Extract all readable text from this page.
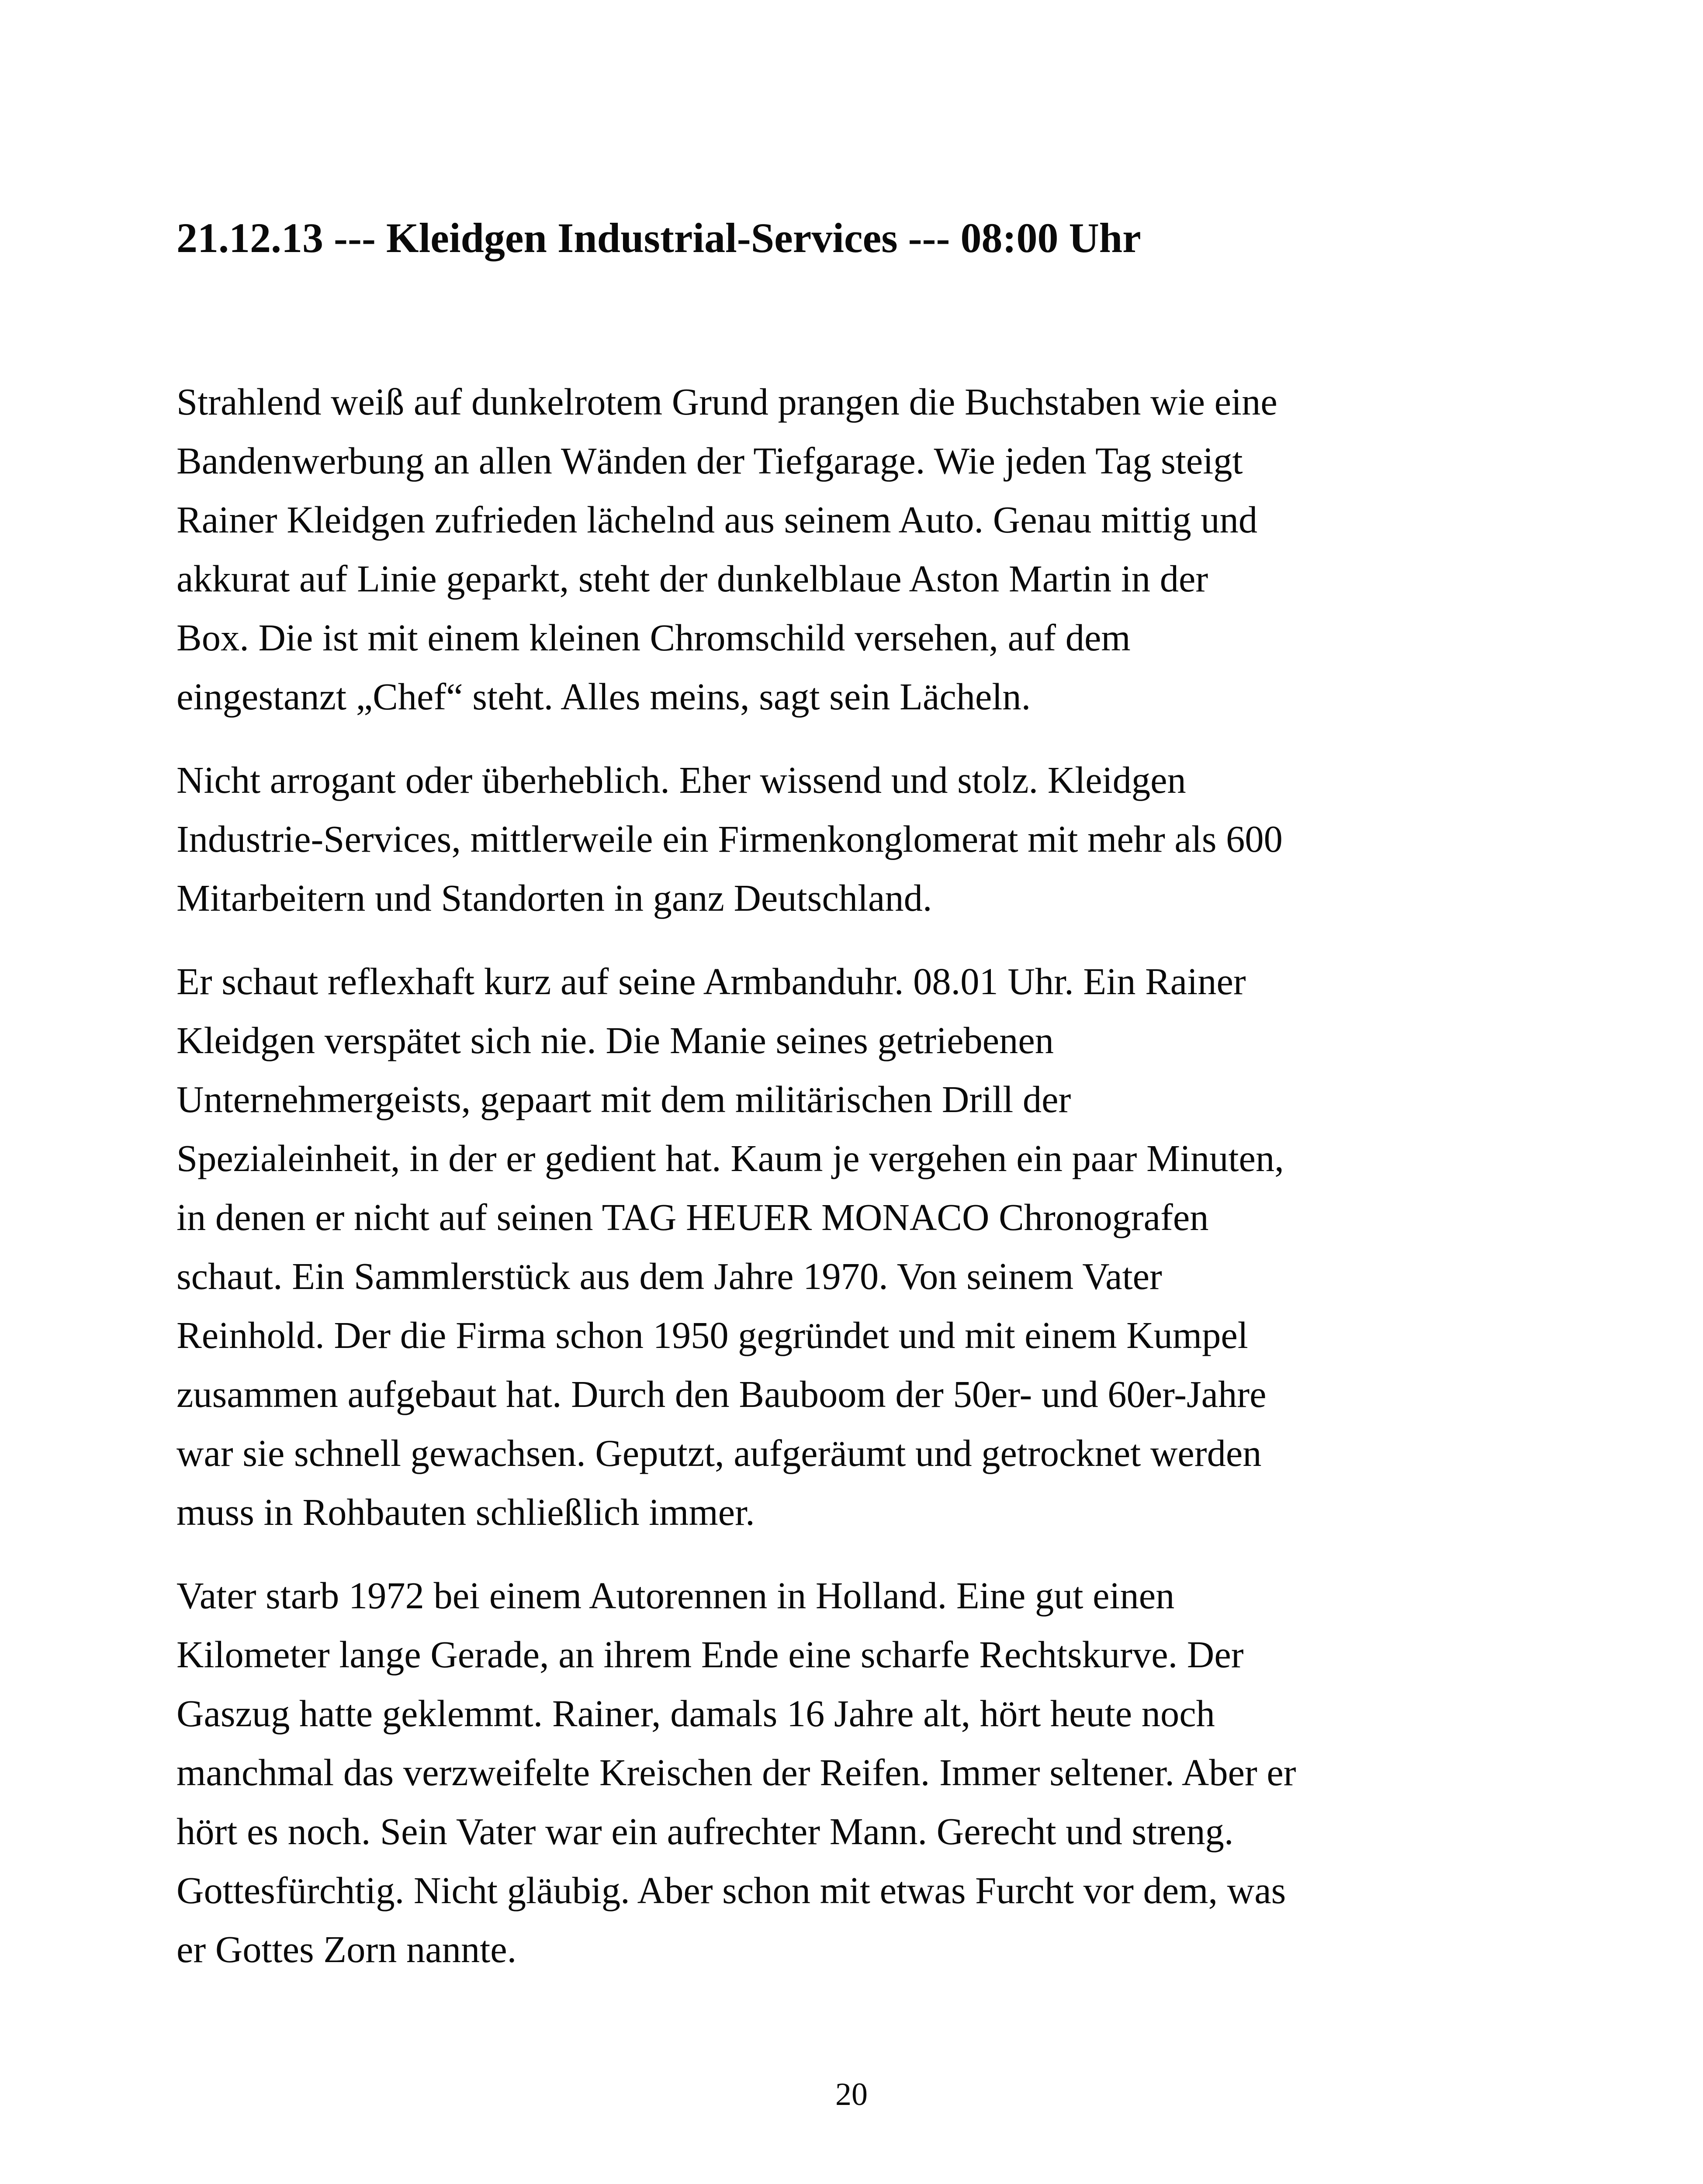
21.12.13 --- Kleidgen Industrial-Services --- 08:00 Uhr

Strahlend weiß auf dunkelrotem Grund prangen die Buchstaben wie eine
Bandenwerbung an allen Wänden der Tiefgarage. Wie jeden Tag steigt
Rainer Kleidgen zufrieden lächelnd aus seinem Auto. Genau mittig und
akkurat auf Linie geparkt, steht der dunkelblaue Aston Martin in der
Box. Die ist mit einem kleinen Chromschild versehen, auf dem
eingestanzt „Chef“ steht. Alles meins, sagt sein Lächeln.

Nicht arrogant oder überheblich. Eher wissend und stolz. Kleidgen
Industrie-Services, mittlerweile ein Firmenkonglomerat mit mehr als 600
Mitarbeitern und Standorten in ganz Deutschland.

Er schaut reflexhaft kurz auf seine Armbanduhr. 08.01 Uhr. Ein Rainer
Kleidgen verspätet sich nie. Die Manie seines getriebenen
Unternehmergeists, gepaart mit dem militärischen Drill der
Spezialeinheit, in der er gedient hat. Kaum je vergehen ein paar Minuten,
in denen er nicht auf seinen TAG HEUER MONACO Chronografen
schaut. Ein Sammlerstück aus dem Jahre 1970. Von seinem Vater
Reinhold. Der die Firma schon 1950 gegründet und mit einem Kumpel
zusammen aufgebaut hat. Durch den Bauboom der 50er- und 60er-Jahre
war sie schnell gewachsen. Geputzt, aufgeräumt und getrocknet werden
muss in Rohbauten schließlich immer.

Vater starb 1972 bei einem Autorennen in Holland. Eine gut einen
Kilometer lange Gerade, an ihrem Ende eine scharfe Rechtskurve. Der
Gaszug hatte geklemmt. Rainer, damals 16 Jahre alt, hört heute noch
manchmal das verzweifelte Kreischen der Reifen. Immer seltener. Aber er
hört es noch. Sein Vater war ein aufrechter Mann. Gerecht und streng.
Gottesfürchtig. Nicht gläubig. Aber schon mit etwas Furcht vor dem, was
er Gottes Zorn nannte.

20
